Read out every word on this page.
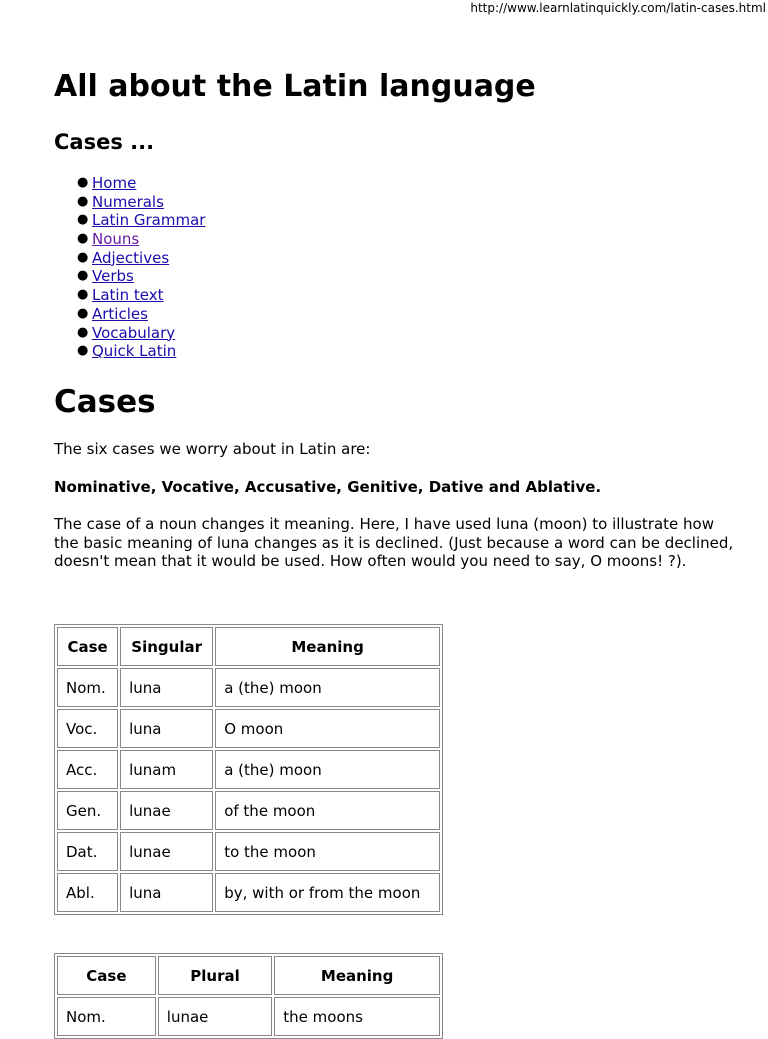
http://www.learnlatinquickly.com/latin-cases.html
All about the Latin language
Cases ...
● Home
● Numerals
● Latin Grammar
● Nouns
● Adjectives
● Verbs
● Latin text
● Articles
● Vocabulary
● Quick Latin
Cases

The six cases we worry about in Latin are:

Nominative, Vocative, Accusative, Genitive, Dative and Ablative.

The case of a noun changes it meaning. Here, I have used luna (moon) to illustrate how the basic meaning of luna changes as it is declined. (Just because a word can be declined, doesn't mean that it would be used. How often would you need to say, O moons! ?).

Case	Singular	Meaning
Nom.	luna	a (the) moon
Voc.	luna	O moon
Acc.	lunam	a (the) moon
Gen.	lunae	of the moon
Dat.	lunae	to the moon
Abl.	luna	by, with or from the moon
Case	Plural	Meaning
Nom.	lunae	the moons
